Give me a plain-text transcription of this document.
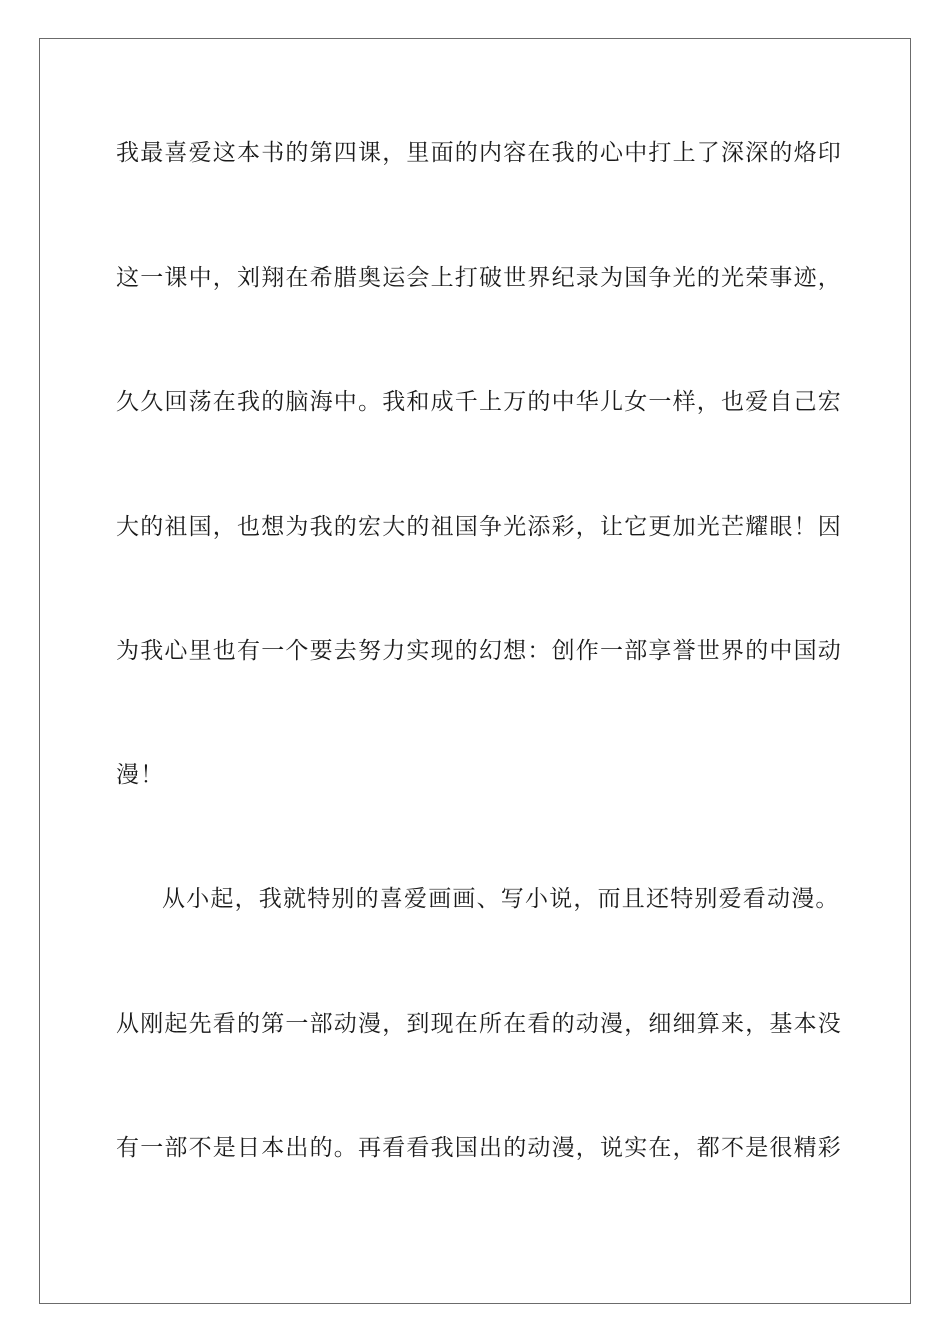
我最喜爱这本书的第四课，里面的内容在我的心中打上了深深的烙印
这一课中，刘翔在希腊奥运会上打破世界纪录为国争光的光荣事迹，
久久回荡在我的脑海中。我和成千上万的中华儿女一样，也爱自己宏
大的祖国，也想为我的宏大的祖国争光添彩，让它更加光芒耀眼！因
为我心里也有一个要去努力实现的幻想：创作一部享誉世界的中国动
漫！
从小起，我就特别的喜爱画画、写小说，而且还特别爱看动漫。
从刚起先看的第一部动漫，到现在所在看的动漫，细细算来，基本没
有一部不是日本出的。再看看我国出的动漫，说实在，都不是很精彩
